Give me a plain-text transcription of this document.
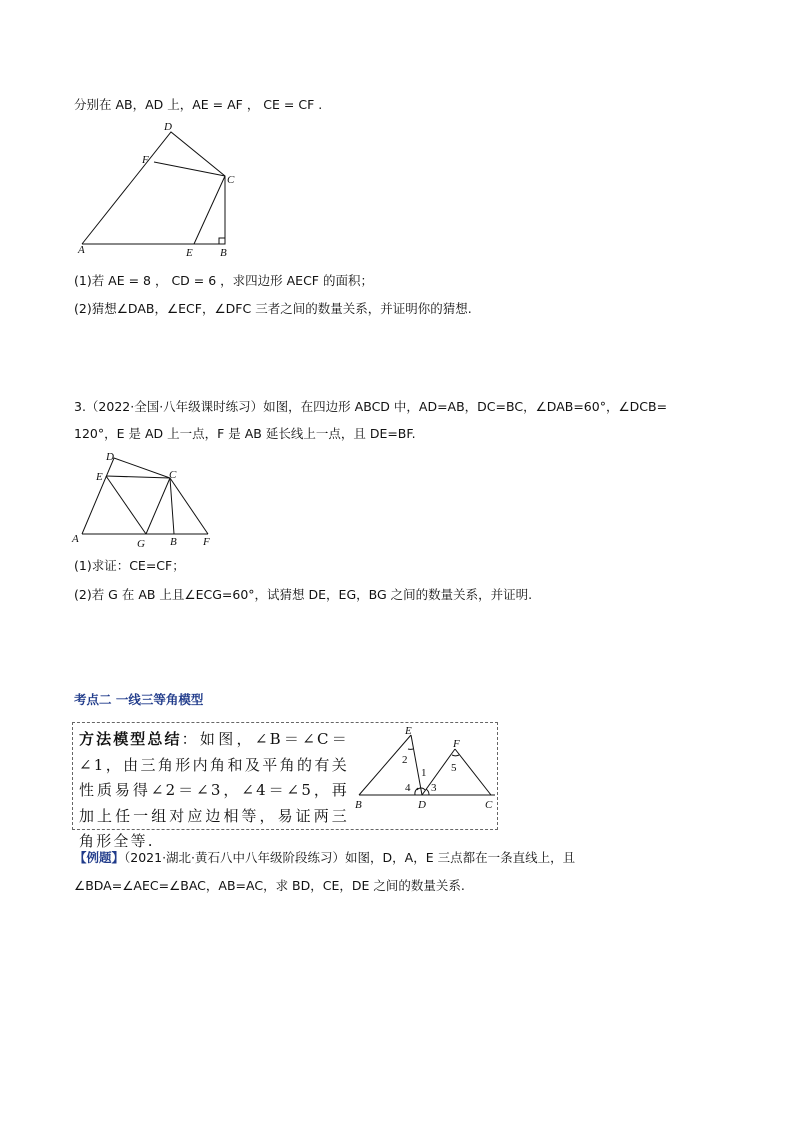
分别在 AB，AD 上，AE = AF ， CE = CF .
D
F
C
A	E B
(1)若 AE = 8 ， CD = 6 ，求四边形 AECF 的面积；
(2)猜想∠DAB，∠ECF，∠DFC 三者之间的数量关系，并证明你的猜想.
3.（2022·全国·八年级课时练习）如图，在四边形 ABCD 中，AD=AB，DC=BC，∠DAB=60°，∠DCB=
120°，E 是 AD 上一点，F 是 AB 延长线上一点，且 DE=BF.
D
E	C
A	G B F
(1)求证：CE=CF；
(2)若 G 在 AB 上且∠ECG=60°，试猜想 DE，EG，BG 之间的数量关系，并证明.
考点二 一线三等角模型
方法模型总结：如图，∠B＝∠C＝∠1，由三角形内角和及平角的有关性质易得∠2＝∠3，∠4＝∠5，再加上任一组对应边相等，易证两三角形全等.
E
F
2
1 5
4 3
B	D	C
【例题】（2021·湖北·黄石八中八年级阶段练习）如图，D，A，E 三点都在一条直线上，且
∠BDA=∠AEC=∠BAC，AB=AC，求 BD，CE，DE 之间的数量关系.
